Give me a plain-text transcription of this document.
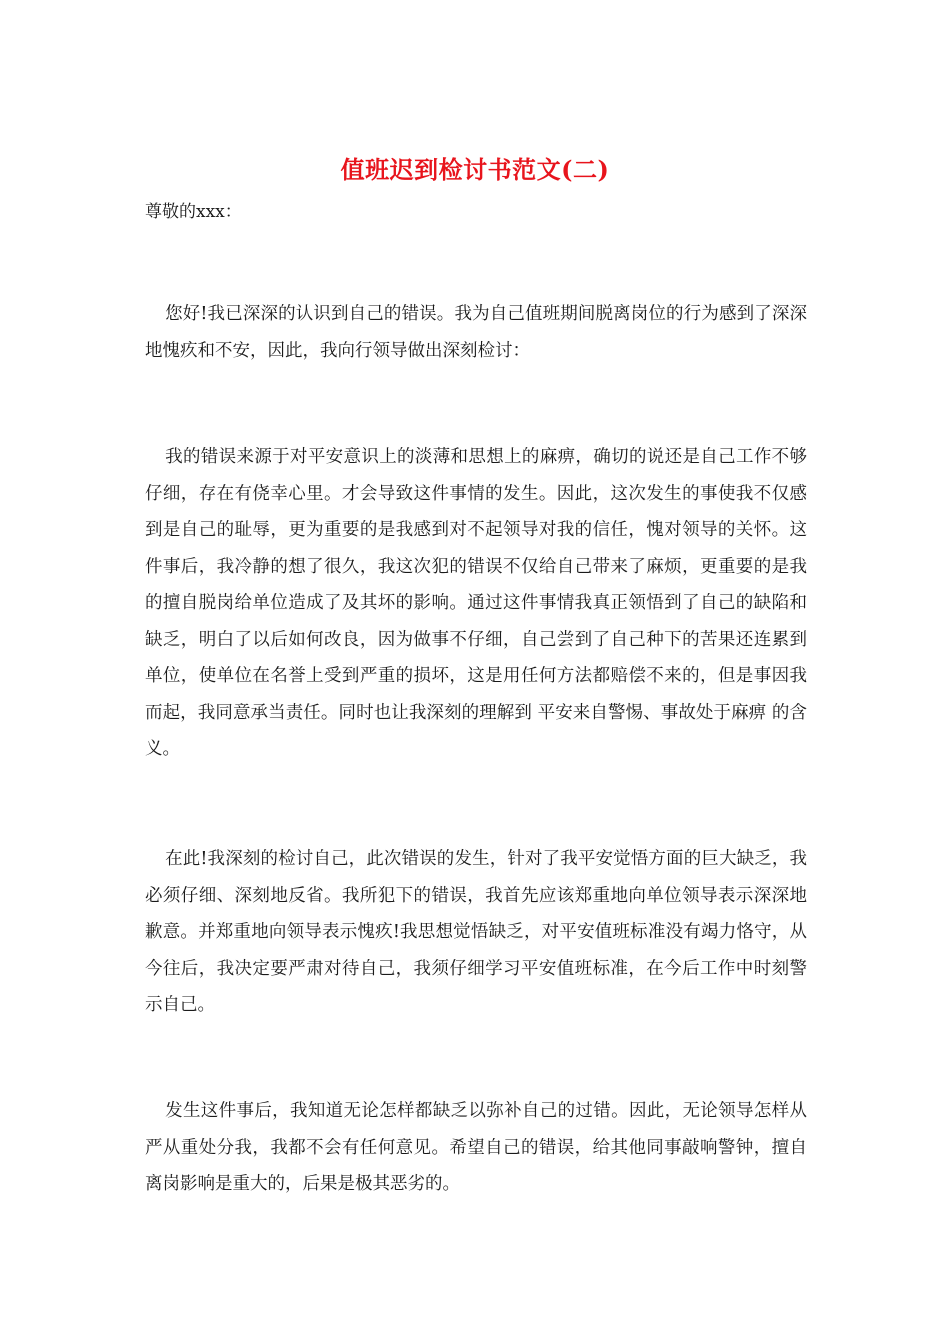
值班迟到检讨书范文(二)
尊敬的xxx：

您好!我已深深的认识到自己的错误。我为自己值班期间脱离岗位的行为感到了深深地愧疚和不安，因此，我向行领导做出深刻检讨：

我的错误来源于对平安意识上的淡薄和思想上的麻痹，确切的说还是自己工作不够仔细，存在有侥幸心里。才会导致这件事情的发生。因此，这次发生的事使我不仅感到是自己的耻辱，更为重要的是我感到对不起领导对我的信任，愧对领导的关怀。这件事后，我冷静的想了很久，我这次犯的错误不仅给自己带来了麻烦，更重要的是我的擅自脱岗给单位造成了及其坏的影响。通过这件事情我真正领悟到了自己的缺陷和缺乏，明白了以后如何改良，因为做事不仔细，自己尝到了自己种下的苦果还连累到单位，使单位在名誉上受到严重的损坏，这是用任何方法都赔偿不来的，但是事因我而起，我同意承当责任。同时也让我深刻的理解到 平安来自警惕、事故处于麻痹 的含义。

在此!我深刻的检讨自己，此次错误的发生，针对了我平安觉悟方面的巨大缺乏，我必须仔细、深刻地反省。我所犯下的错误，我首先应该郑重地向单位领导表示深深地歉意。并郑重地向领导表示愧疚!我思想觉悟缺乏，对平安值班标准没有竭力恪守，从今往后，我决定要严肃对待自己，我须仔细学习平安值班标准，在今后工作中时刻警示自己。

发生这件事后，我知道无论怎样都缺乏以弥补自己的过错。因此，无论领导怎样从严从重处分我，我都不会有任何意见。希望自己的错误，给其他同事敲响警钟，擅自离岗影响是重大的，后果是极其恶劣的。
